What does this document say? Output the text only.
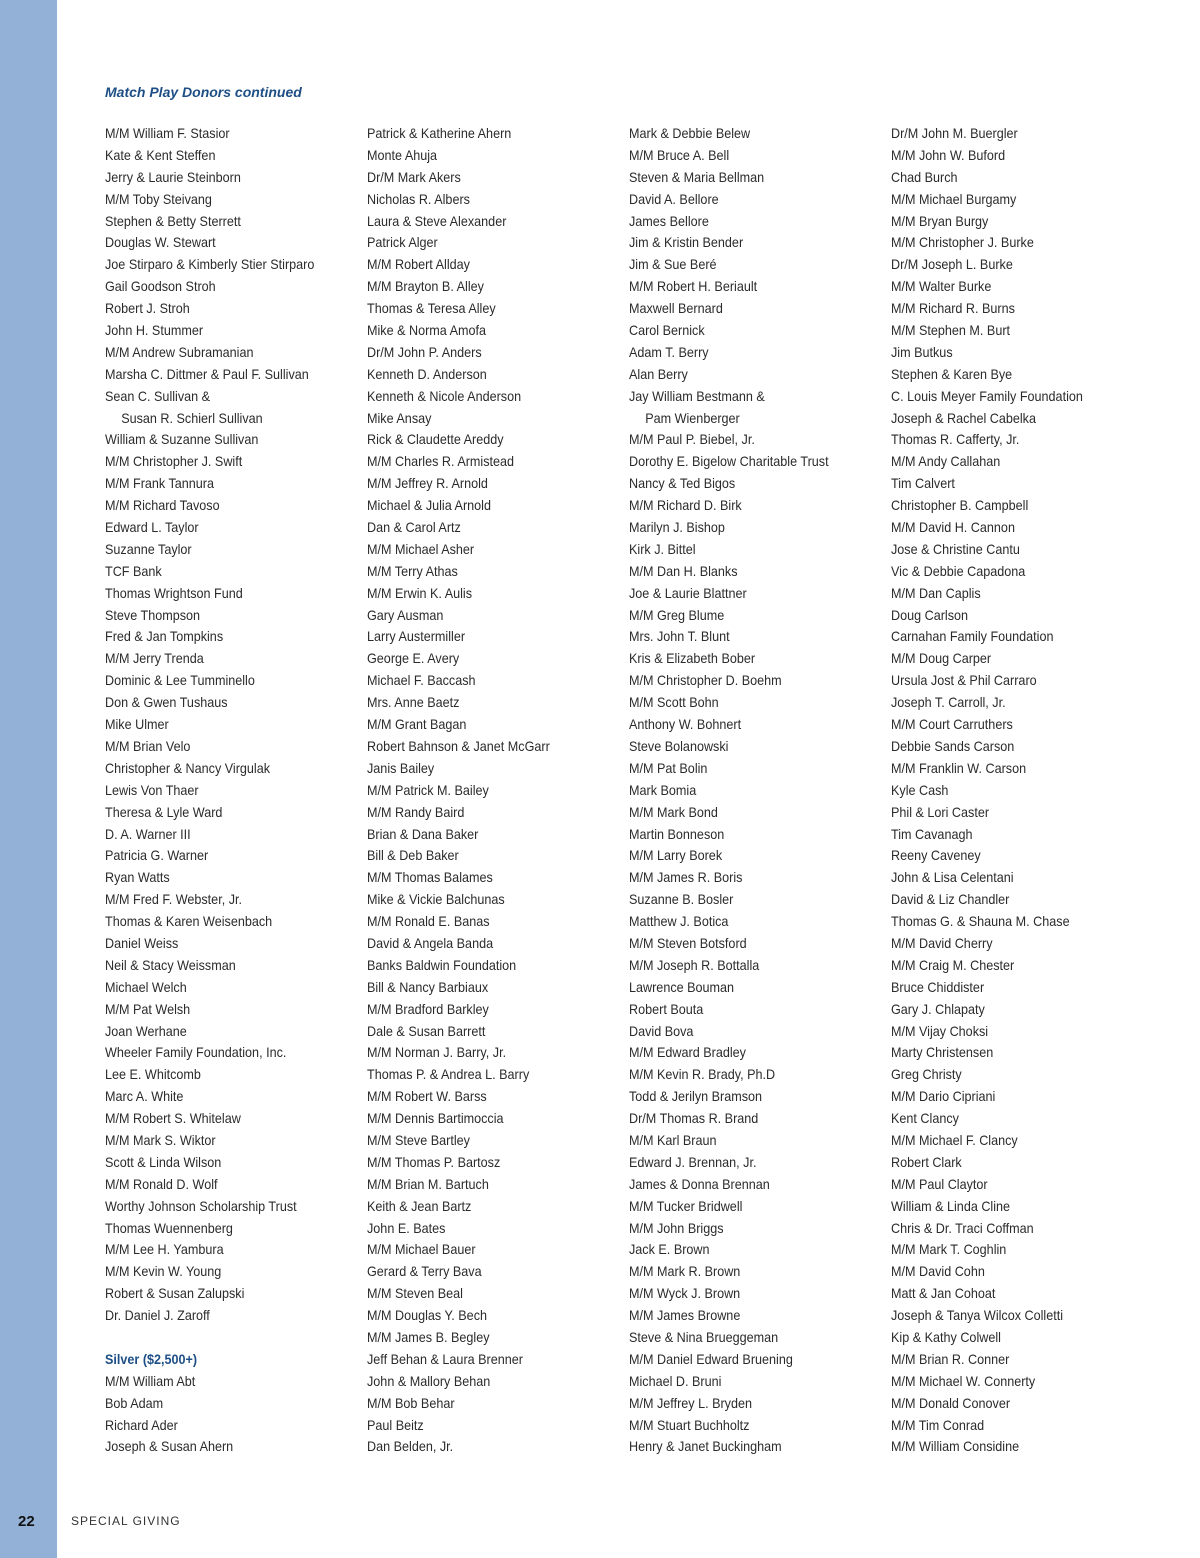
Match Play Donors continued
M/M William F. Stasior
Kate & Kent Steffen
Jerry & Laurie Steinborn
M/M Toby Steivang
Stephen & Betty Sterrett
Douglas W. Stewart
Joe Stirparo & Kimberly Stier Stirparo
Gail Goodson Stroh
Robert J. Stroh
John H. Stummer
M/M Andrew Subramanian
Marsha C. Dittmer & Paul F. Sullivan
Sean C. Sullivan &
Susan R. Schierl Sullivan
William & Suzanne Sullivan
M/M Christopher J. Swift
M/M Frank Tannura
M/M Richard Tavoso
Edward L. Taylor
Suzanne Taylor
TCF Bank
Thomas Wrightson Fund
Steve Thompson
Fred & Jan Tompkins
M/M Jerry Trenda
Dominic & Lee Tumminello
Don & Gwen Tushaus
Mike Ulmer
M/M Brian Velo
Christopher & Nancy Virgulak
Lewis Von Thaer
Theresa & Lyle Ward
D. A. Warner III
Patricia G. Warner
Ryan Watts
M/M Fred F. Webster, Jr.
Thomas & Karen Weisenbach
Daniel Weiss
Neil & Stacy Weissman
Michael Welch
M/M Pat Welsh
Joan Werhane
Wheeler Family Foundation, Inc.
Lee E. Whitcomb
Marc A. White
M/M Robert S. Whitelaw
M/M Mark S. Wiktor
Scott & Linda Wilson
M/M Ronald D. Wolf
Worthy Johnson Scholarship Trust
Thomas Wuennenberg
M/M Lee H. Yambura
M/M Kevin W. Young
Robert & Susan Zalupski
Dr. Daniel J. Zaroff
Silver ($2,500+)
M/M William Abt
Bob Adam
Richard Ader
Joseph & Susan Ahern
Patrick & Katherine Ahern
Monte Ahuja
Dr/M Mark Akers
Nicholas R. Albers
Laura & Steve Alexander
Patrick Alger
M/M Robert Allday
M/M Brayton B. Alley
Thomas & Teresa Alley
Mike & Norma Amofa
Dr/M John P. Anders
Kenneth D. Anderson
Kenneth & Nicole Anderson
Mike Ansay
Rick & Claudette Areddy
M/M Charles R. Armistead
M/M Jeffrey R. Arnold
Michael & Julia Arnold
Dan & Carol Artz
M/M Michael Asher
M/M Terry Athas
M/M Erwin K. Aulis
Gary Ausman
Larry Austermiller
George E. Avery
Michael F. Baccash
Mrs. Anne Baetz
M/M Grant Bagan
Robert Bahnson & Janet McGarr
Janis Bailey
M/M Patrick M. Bailey
M/M Randy Baird
Brian & Dana Baker
Bill & Deb Baker
M/M Thomas Balames
Mike & Vickie Balchunas
M/M Ronald E. Banas
David & Angela Banda
Banks Baldwin Foundation
Bill & Nancy Barbiaux
M/M Bradford Barkley
Dale & Susan Barrett
M/M Norman J. Barry, Jr.
Thomas P. & Andrea L. Barry
M/M Robert W. Barss
M/M Dennis Bartimoccia
M/M Steve Bartley
M/M Thomas P. Bartosz
M/M Brian M. Bartuch
Keith & Jean Bartz
John E. Bates
M/M Michael Bauer
Gerard & Terry Bava
M/M Steven Beal
M/M Douglas Y. Bech
M/M James B. Begley
Jeff Behan & Laura Brenner
John & Mallory Behan
M/M Bob Behar
Paul Beitz
Dan Belden, Jr.
Mark & Debbie Belew
M/M Bruce A. Bell
Steven & Maria Bellman
David A. Bellore
James Bellore
Jim & Kristin Bender
Jim & Sue Beré
M/M Robert H. Beriault
Maxwell Bernard
Carol Bernick
Adam T. Berry
Alan Berry
Jay William Bestmann &
Pam Wienberger
M/M Paul P. Biebel, Jr.
Dorothy E. Bigelow Charitable Trust
Nancy & Ted Bigos
M/M Richard D. Birk
Marilyn J. Bishop
Kirk J. Bittel
M/M Dan H. Blanks
Joe & Laurie Blattner
M/M Greg Blume
Mrs. John T. Blunt
Kris & Elizabeth Bober
M/M Christopher D. Boehm
M/M Scott Bohn
Anthony W. Bohnert
Steve Bolanowski
M/M Pat Bolin
Mark Bomia
M/M Mark Bond
Martin Bonneson
M/M Larry Borek
M/M James R. Boris
Suzanne B. Bosler
Matthew J. Botica
M/M Steven Botsford
M/M Joseph R. Bottalla
Lawrence Bouman
Robert Bouta
David Bova
M/M Edward Bradley
M/M Kevin R. Brady, Ph.D
Todd & Jerilyn Bramson
Dr/M Thomas R. Brand
M/M Karl Braun
Edward J. Brennan, Jr.
James & Donna Brennan
M/M Tucker Bridwell
M/M John Briggs
Jack E. Brown
M/M Mark R. Brown
M/M Wyck J. Brown
M/M James Browne
Steve & Nina Brueggeman
M/M Daniel Edward Bruening
Michael D. Bruni
M/M Jeffrey L. Bryden
M/M Stuart Buchholtz
Henry & Janet Buckingham
Dr/M John M. Buergler
M/M John W. Buford
Chad Burch
M/M Michael Burgamy
M/M Bryan Burgy
M/M Christopher J. Burke
Dr/M Joseph L. Burke
M/M Walter Burke
M/M Richard R. Burns
M/M Stephen M. Burt
Jim Butkus
Stephen & Karen Bye
C. Louis Meyer Family Foundation
Joseph & Rachel Cabelka
Thomas R. Cafferty, Jr.
M/M Andy Callahan
Tim Calvert
Christopher B. Campbell
M/M David H. Cannon
Jose & Christine Cantu
Vic & Debbie Capadona
M/M Dan Caplis
Doug Carlson
Carnahan Family Foundation
M/M Doug Carper
Ursula Jost & Phil Carraro
Joseph T. Carroll, Jr.
M/M Court Carruthers
Debbie Sands Carson
M/M Franklin W. Carson
Kyle Cash
Phil & Lori Caster
Tim Cavanagh
Reeny Caveney
John & Lisa Celentani
David & Liz Chandler
Thomas G. & Shauna M. Chase
M/M David Cherry
M/M Craig M. Chester
Bruce Chiddister
Gary J. Chlapaty
M/M Vijay Choksi
Marty Christensen
Greg Christy
M/M Dario Cipriani
Kent Clancy
M/M Michael F. Clancy
Robert Clark
M/M Paul Claytor
William & Linda Cline
Chris & Dr. Traci Coffman
M/M Mark T. Coghlin
M/M David Cohn
Matt & Jan Cohoat
Joseph & Tanya Wilcox Colletti
Kip & Kathy Colwell
M/M Brian R. Conner
M/M Michael W. Connerty
M/M Donald Conover
M/M Tim Conrad
M/M William Considine
22	SPECIAL GIVING
